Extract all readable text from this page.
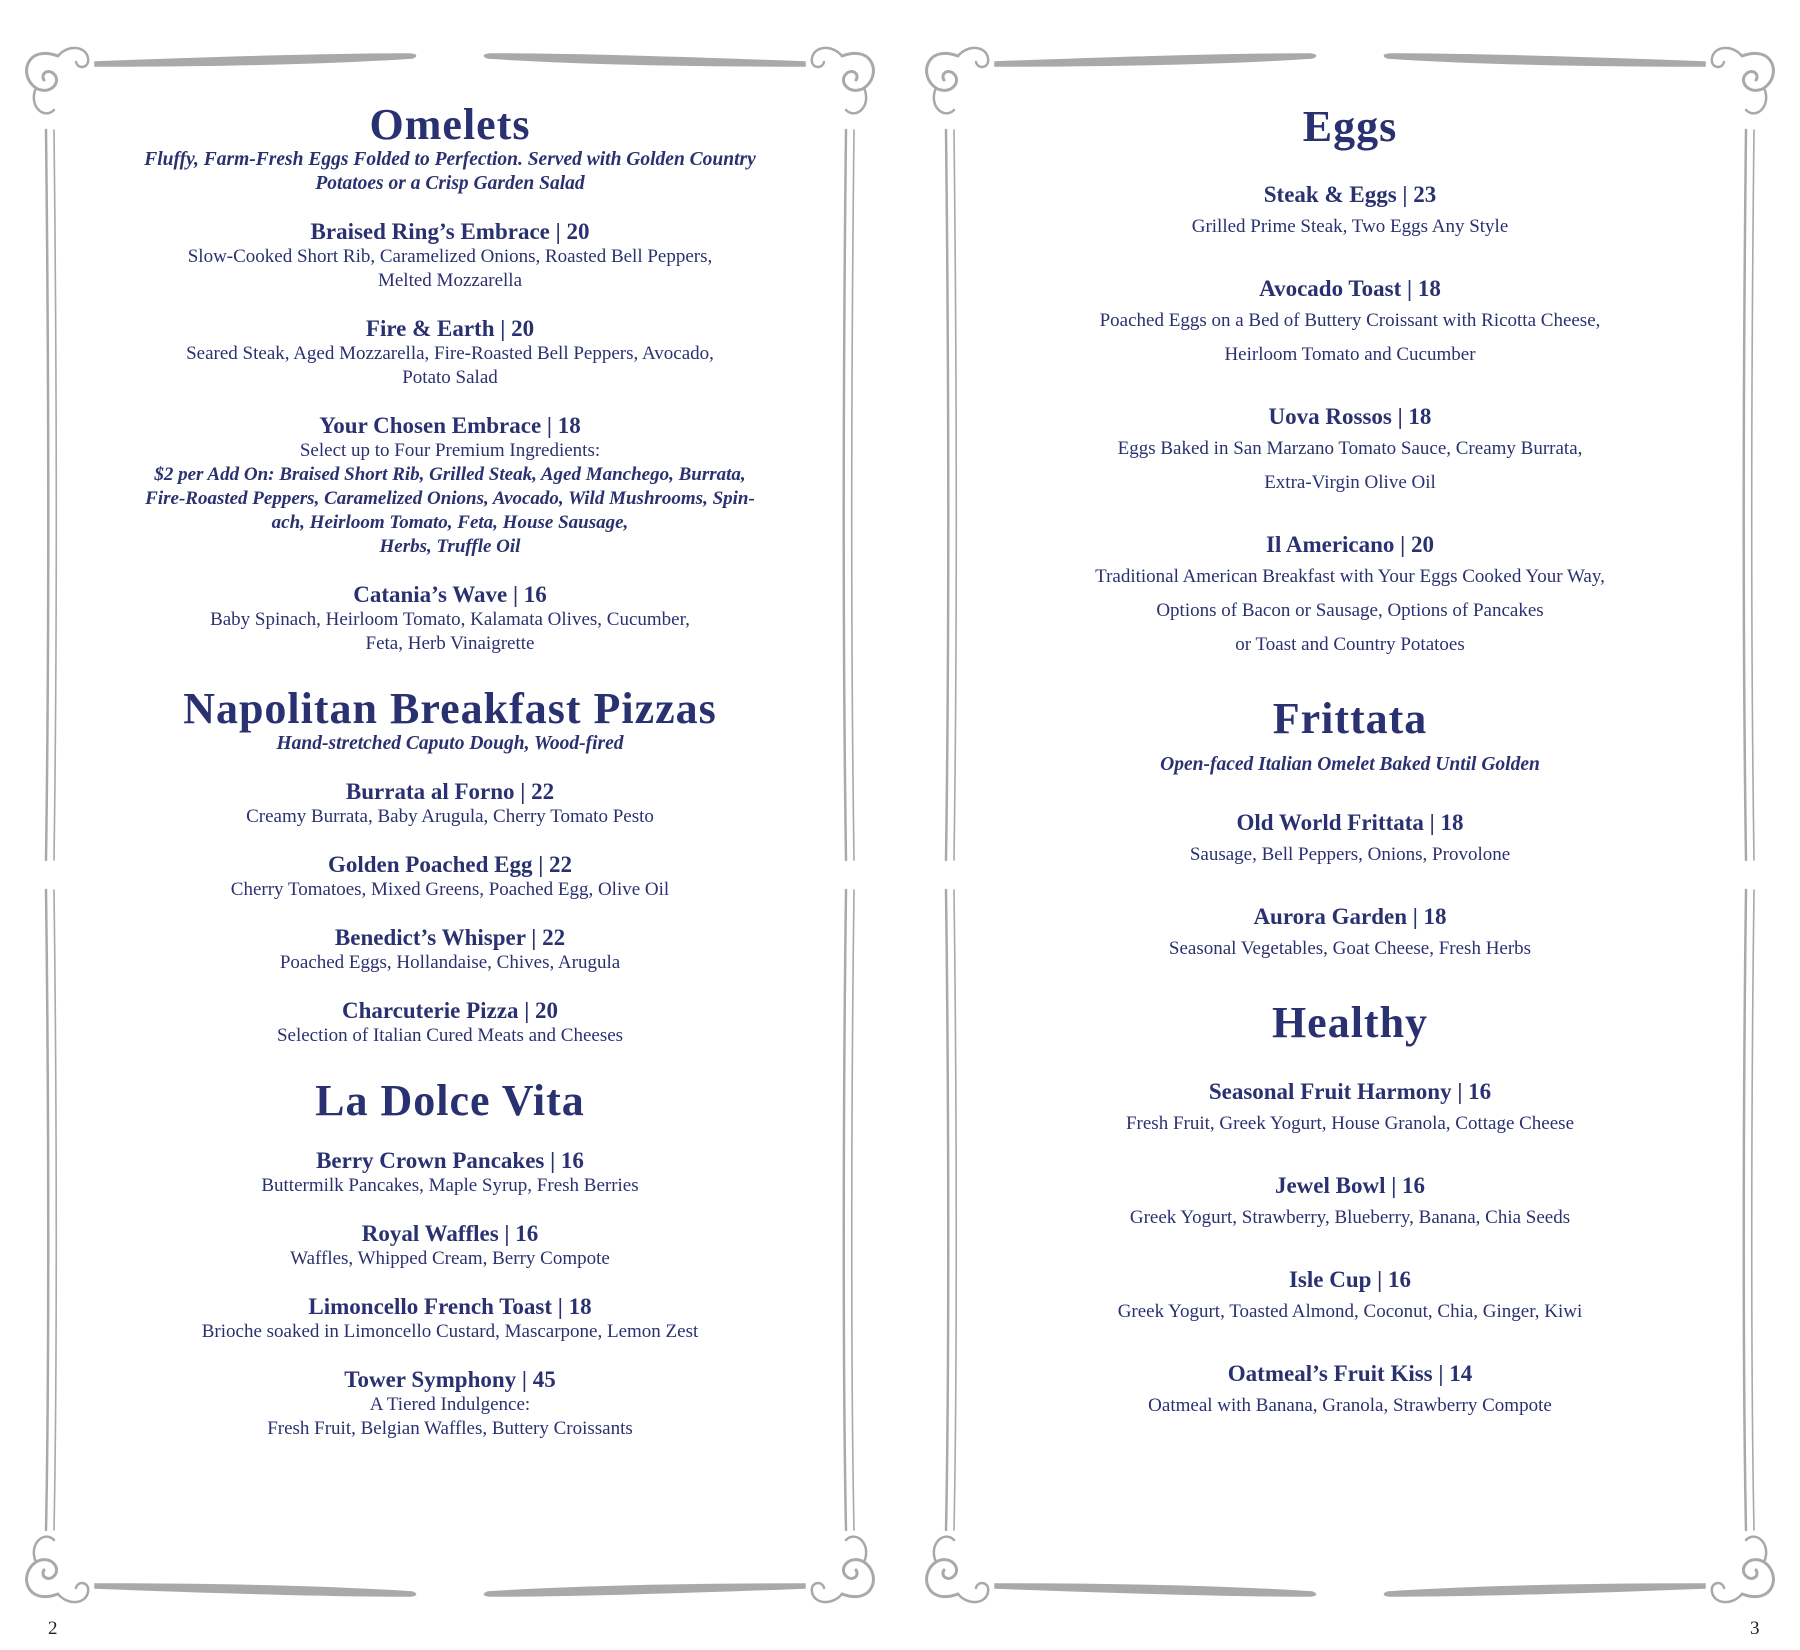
Omelets
Fluffy, Farm-Fresh Eggs Folded to Perfection. Served with Golden Country
Potatoes or a Crisp Garden Salad
Braised Ring’s Embrace | 20
Slow-Cooked Short Rib, Caramelized Onions, Roasted Bell Peppers,
Melted Mozzarella
Fire & Earth | 20
Seared Steak, Aged Mozzarella, Fire-Roasted Bell Peppers, Avocado,
Potato Salad
Your Chosen Embrace | 18
Select up to Four Premium Ingredients:
$2 per Add On: Braised Short Rib, Grilled Steak, Aged Manchego, Burrata,
Fire-Roasted Peppers, Caramelized Onions, Avocado, Wild Mushrooms, Spin-
ach, Heirloom Tomato, Feta, House Sausage,
Herbs, Truffle Oil
Catania’s Wave | 16
Baby Spinach, Heirloom Tomato, Kalamata Olives, Cucumber,
Feta, Herb Vinaigrette
Napolitan Breakfast Pizzas
Hand-stretched Caputo Dough, Wood-fired
Burrata al Forno | 22
Creamy Burrata, Baby Arugula, Cherry Tomato Pesto
Golden Poached Egg | 22
Cherry Tomatoes, Mixed Greens, Poached Egg, Olive Oil
Benedict’s Whisper | 22
Poached Eggs, Hollandaise, Chives, Arugula
Charcuterie Pizza | 20
Selection of Italian Cured Meats and Cheeses
La Dolce Vita
Berry Crown Pancakes | 16
Buttermilk Pancakes, Maple Syrup, Fresh Berries
Royal Waffles | 16
Waffles, Whipped Cream, Berry Compote
Limoncello French Toast | 18
Brioche soaked in Limoncello Custard, Mascarpone, Lemon Zest
Tower Symphony | 45
A Tiered Indulgence:
Fresh Fruit, Belgian Waffles, Buttery Croissants
2
Eggs
Steak & Eggs | 23
Grilled Prime Steak, Two Eggs Any Style
Avocado Toast | 18
Poached Eggs on a Bed of Buttery Croissant with Ricotta Cheese,
Heirloom Tomato and Cucumber
Uova Rossos | 18
Eggs Baked in San Marzano Tomato Sauce, Creamy Burrata,
Extra-Virgin Olive Oil
Il Americano | 20
Traditional American Breakfast with Your Eggs Cooked Your Way,
Options of Bacon or Sausage, Options of Pancakes
or Toast and Country Potatoes
Frittata
Open-faced Italian Omelet Baked Until Golden
Old World Frittata | 18
Sausage, Bell Peppers, Onions, Provolone
Aurora Garden | 18
Seasonal Vegetables, Goat Cheese, Fresh Herbs
Healthy
Seasonal Fruit Harmony | 16
Fresh Fruit, Greek Yogurt, House Granola, Cottage Cheese
Jewel Bowl | 16
Greek Yogurt, Strawberry, Blueberry, Banana, Chia Seeds
Isle Cup | 16
Greek Yogurt, Toasted Almond, Coconut, Chia, Ginger, Kiwi
Oatmeal’s Fruit Kiss | 14
Oatmeal with Banana, Granola, Strawberry Compote
3
